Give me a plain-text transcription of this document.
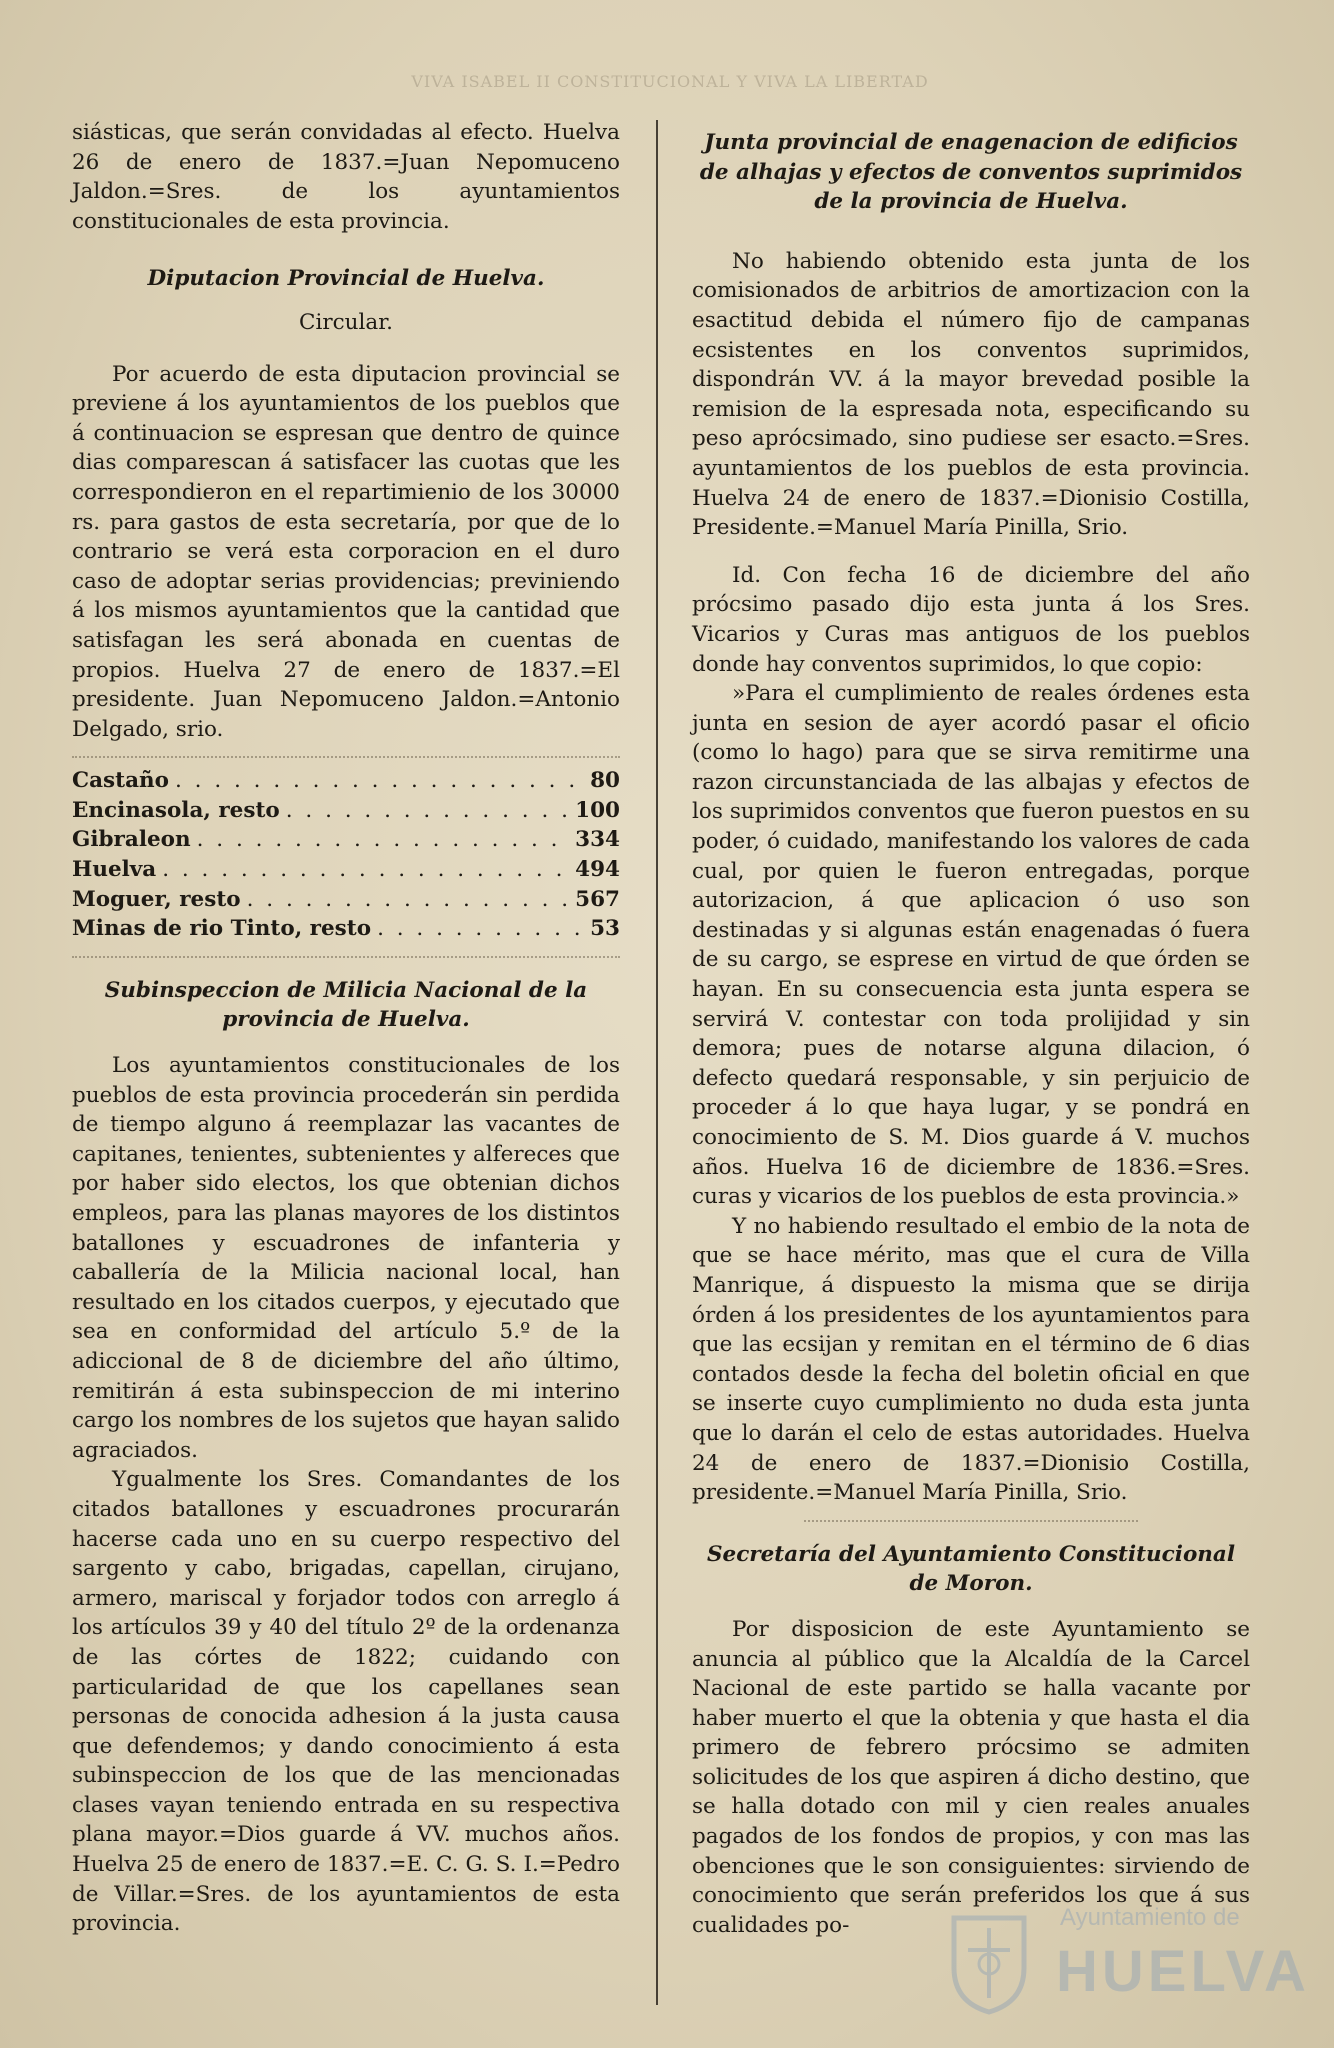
VIVA ISABEL II CONSTITUCIONAL Y VIVA LA LIBERTAD

siásticas, que serán convidadas al efecto. Huelva 26 de enero de 1837.=Juan Nepomuceno Jaldon.=Sres. de los ayuntamientos constitucionales de esta provincia.

Diputacion Provincial de Huelva.
Circular.

Por acuerdo de esta diputacion provincial se previene á los ayuntamientos de los pueblos que á continuacion se espresan que dentro de quince dias comparescan á satisfacer las cuotas que les correspondieron en el repartimienio de los 30000 rs. para gastos de esta secretaría, por que de lo contrario se verá esta corporacion en el duro caso de adoptar serias providencias; previniendo á los mismos ayuntamientos que la cantidad que satisfagan les será abonada en cuentas de propios. Huelva 27 de enero de 1837.=El presidente. Juan Nepomuceno Jaldon.=Antonio Delgado, srio.

Castaño . . .	80
Encinasola, resto . . .	100
Gibraleon . . .	334
Huelva . . .	494
Moguer, resto . . .	567
Minas de rio Tinto, resto . . .	53
Subinspeccion de Milicia Nacional de la provincia de Huelva.

Los ayuntamientos constitucionales de los pueblos de esta provincia procederán sin perdida de tiempo alguno á reemplazar las vacantes de capitanes, tenientes, subtenientes y alfereces que por haber sido electos, los que obtenian dichos empleos, para las planas mayores de los distintos batallones y escuadrones de infanteria y caballería de la Milicia nacional local, han resultado en los citados cuerpos, y ejecutado que sea en conformidad del artículo 5.º de la adiccional de 8 de diciembre del año último, remitirán á esta subinspeccion de mi interino cargo los nombres de los sujetos que hayan salido agraciados.

Ygualmente los Sres. Comandantes de los citados batallones y escuadrones procurarán hacerse cada uno en su cuerpo respectivo del sargento y cabo, brigadas, capellan, cirujano, armero, mariscal y forjador todos con arreglo á los artículos 39 y 40 del título 2º de la ordenanza de las córtes de 1822; cuidando con particularidad de que los capellanes sean personas de conocida adhesion á la justa causa que defendemos; y dando conocimiento á esta subinspeccion de los que de las mencionadas clases vayan teniendo entrada en su respectiva plana mayor.=Dios guarde á VV. muchos años. Huelva 25 de enero de 1837.=E. C. G. S. I.=Pedro de Villar.=Sres. de los ayuntamientos de esta provincia.

Junta provincial de enagenacion de edificios de alhajas y efectos de conventos suprimidos de la provincia de Huelva.

No habiendo obtenido esta junta de los comisionados de arbitrios de amortizacion con la esactitud debida el número fijo de campanas ecsistentes en los conventos suprimidos, dispondrán VV. á la mayor brevedad posible la remision de la espresada nota, especificando su peso aprócsimado, sino pudiese ser esacto.=Sres. ayuntamientos de los pueblos de esta provincia. Huelva 24 de enero de 1837.=Dionisio Costilla, Presidente.=Manuel María Pinilla, Srio.

Id. Con fecha 16 de diciembre del año prócsimo pasado dijo esta junta á los Sres. Vicarios y Curas mas antiguos de los pueblos donde hay conventos suprimidos, lo que copio:

»Para el cumplimiento de reales órdenes esta junta en sesion de ayer acordó pasar el oficio (como lo hago) para que se sirva remitirme una razon circunstanciada de las albajas y efectos de los suprimidos conventos que fueron puestos en su poder, ó cuidado, manifestando los valores de cada cual, por quien le fueron entregadas, porque autorizacion, á que aplicacion ó uso son destinadas y si algunas están enagenadas ó fuera de su cargo, se esprese en virtud de que órden se hayan. En su consecuencia esta junta espera se servirá V. contestar con toda prolijidad y sin demora; pues de notarse alguna dilacion, ó defecto quedará responsable, y sin perjuicio de proceder á lo que haya lugar, y se pondrá en conocimiento de S. M. Dios guarde á V. muchos años. Huelva 16 de diciembre de 1836.=Sres. curas y vicarios de los pueblos de esta provincia.»

Y no habiendo resultado el embio de la nota de que se hace mérito, mas que el cura de Villa Manrique, á dispuesto la misma que se dirija órden á los presidentes de los ayuntamientos para que las ecsijan y remitan en el término de 6 dias contados desde la fecha del boletin oficial en que se inserte cuyo cumplimiento no duda esta junta que lo darán el celo de estas autoridades. Huelva 24 de enero de 1837.=Dionisio Costilla, presidente.=Manuel María Pinilla, Srio.

Secretaría del Ayuntamiento Constitucional de Moron.

Por disposicion de este Ayuntamiento se anuncia al público que la Alcaldía de la Carcel Nacional de este partido se halla vacante por haber muerto el que la obtenia y que hasta el dia primero de febrero prócsimo se admiten solicitudes de los que aspiren á dicho destino, que se halla dotado con mil y cien reales anuales pagados de los fondos de propios, y con mas las obenciones que le son consiguientes: sirviendo de conocimiento que serán preferidos los que á sus cualidades po-	Ayuntamiento de
HUELVA
